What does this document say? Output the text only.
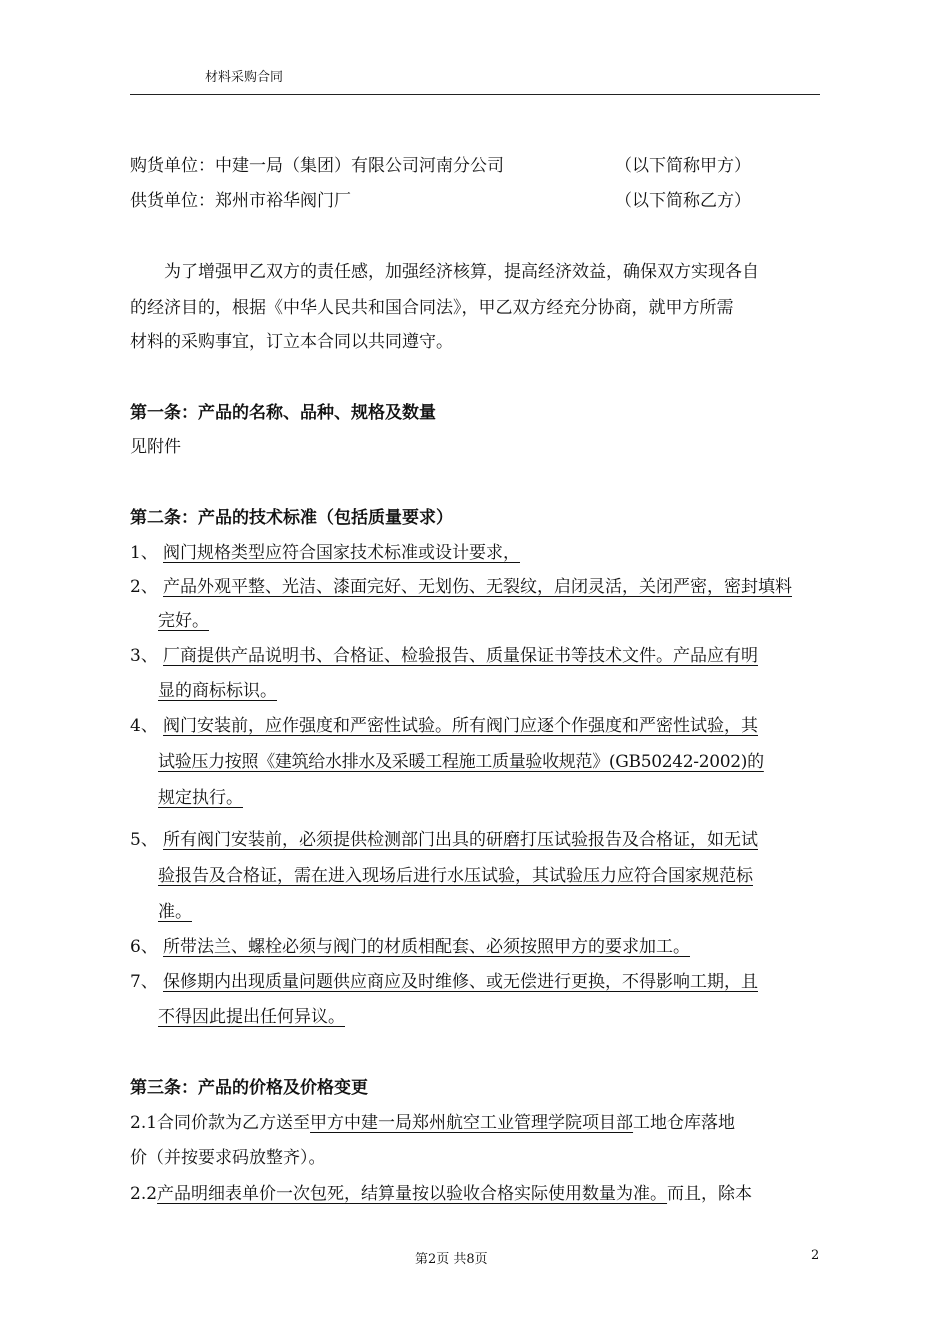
材料采购合同
购货单位：中建一局（集团）有限公司河南分公司	（以下简称甲方）
供货单位：郑州市裕华阀门厂	（以下简称乙方）
为了增强甲乙双方的责任感，加强经济核算，提高经济效益，确保双方实现各自
的经济目的，根据《中华人民共和国合同法》，甲乙双方经充分协商，就甲方所需
材料的采购事宜，订立本合同以共同遵守。
第一条：产品的名称、品种、规格及数量
见附件
第二条：产品的技术标准（包括质量要求）
1、 阀门规格类型应符合国家技术标准或设计要求，
2、 产品外观平整、光洁、漆面完好、无划伤、无裂纹，启闭灵活，关闭严密，密封填料
完好。
3、 厂商提供产品说明书、合格证、检验报告、质量保证书等技术文件。产品应有明
显的商标标识。
4、 阀门安装前，应作强度和严密性试验。所有阀门应逐个作强度和严密性试验，其
试验压力按照《建筑给水排水及采暖工程施工质量验收规范》(GB50242-2002)的
规定执行。
5、 所有阀门安装前，必须提供检测部门出具的研磨打压试验报告及合格证，如无试
验报告及合格证，需在进入现场后进行水压试验，其试验压力应符合国家规范标
准。
6、 所带法兰、螺栓必须与阀门的材质相配套、必须按照甲方的要求加工。
7、 保修期内出现质量问题供应商应及时维修、或无偿进行更换，不得影响工期，且
不得因此提出任何异议。
第三条：产品的价格及价格变更
2.1合同价款为乙方送至甲方中建一局郑州航空工业管理学院项目部工地仓库落地
价（并按要求码放整齐）。
2.2产品明细表单价一次包死，结算量按以验收合格实际使用数量为准。而且，除本
第2页 共8页	2
